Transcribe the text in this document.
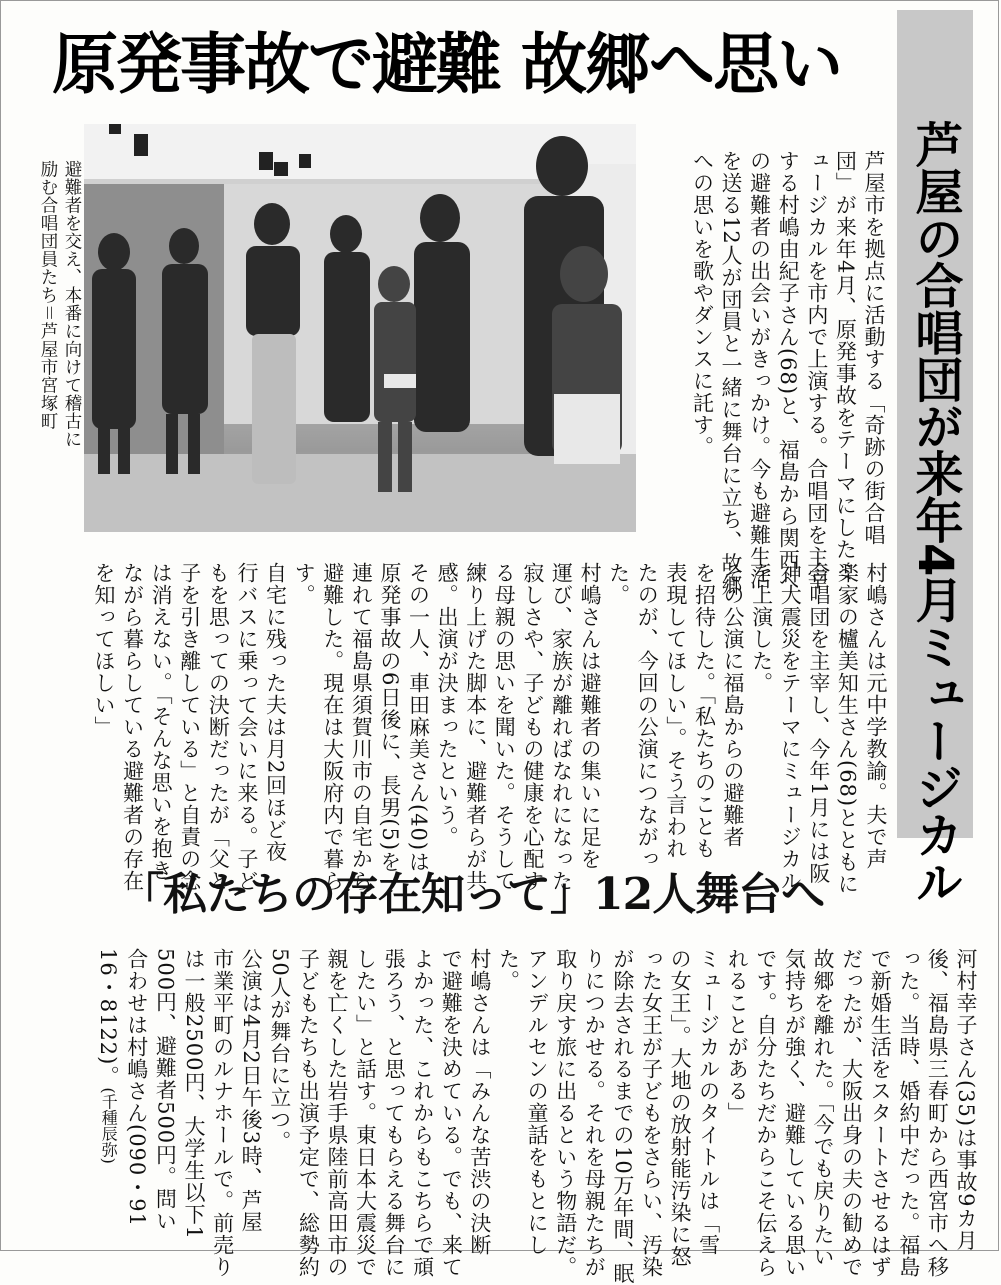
原発事故で避難 故郷へ思い
芦屋の合唱団が来年4月ミュージカル
避難者を交え、本番に向けて稽古に
励む合唱団員たち＝芦屋市宮塚町	芦屋市を拠点に活動する「奇跡の街合唱
団」が来年4月、原発事故をテーマにしたミ
ュージカルを市内で上演する。合唱団を主宰
する村嶋由紀子さん(68)と、福島から関西へ
の避難者の出会いがきっかけ。今も避難生活
を送る12人が団員と一緒に舞台に立ち、故郷
への思いを歌やダンスに託す。
村嶋さんは元中学教諭。夫で声
楽家の櫨美知生さん(68)とともに
合唱団を主宰し、今年1月には阪
神大震災をテーマにミュージカル
を上演した。
その公演に福島からの避難者
を招待した。「私たちのことも
表現してほしい」。そう言われ
たのが、今回の公演につながっ
た。
村嶋さんは避難者の集いに足を
運び、家族が離ればなれになった
寂しさや、子どもの健康を心配す
る母親の思いを聞いた。そうして
練り上げた脚本に、避難者らが共
感。出演が決まったという。
その一人、車田麻美さん(40)は
原発事故の6日後に、長男(5)を
連れて福島県須賀川市の自宅から
避難した。現在は大阪府内で暮ら
す。
自宅に残った夫は月2回ほど夜
行バスに乗って会いに来る。子ど
もを思っての決断だったが「父と
子を引き離している」と自責の念
は消えない。「そんな思いを抱き
ながら暮らしている避難者の存在
を知ってほしい」
「私たちの存在知って」12人舞台へ
河村幸子さん(35)は事故9カ月
後、福島県三春町から西宮市へ移
った。当時、婚約中だった。福島
で新婚生活をスタートさせるはず
だったが、大阪出身の夫の勧めで
故郷を離れた。「今でも戻りたい
気持ちが強く、避難している思い
です。自分たちだからこそ伝えら
れることがある」
ミュージカルのタイトルは「雪
の女王」。大地の放射能汚染に怒
った女王が子どもをさらい、汚染
が除去されるまでの10万年間、眠
りにつかせる。それを母親たちが
取り戻す旅に出るという物語だ。
アンデルセンの童話をもとにし
た。
村嶋さんは「みんな苦渋の決断
で避難を決めている。でも、来て
よかった、これからもこちらで頑
張ろう、と思ってもらえる舞台に
したい」と話す。東日本大震災で
親を亡くした岩手県陸前高田市の
子どもたちも出演予定で、総勢約
50人が舞台に立つ。
公演は4月2日午後3時、芦屋
市業平町のルナホールで。前売り
は一般2500円、大学生以下1
500円、避難者500円。問い
合わせは村嶋さん(090・91
16・8122)。(千種辰弥)
